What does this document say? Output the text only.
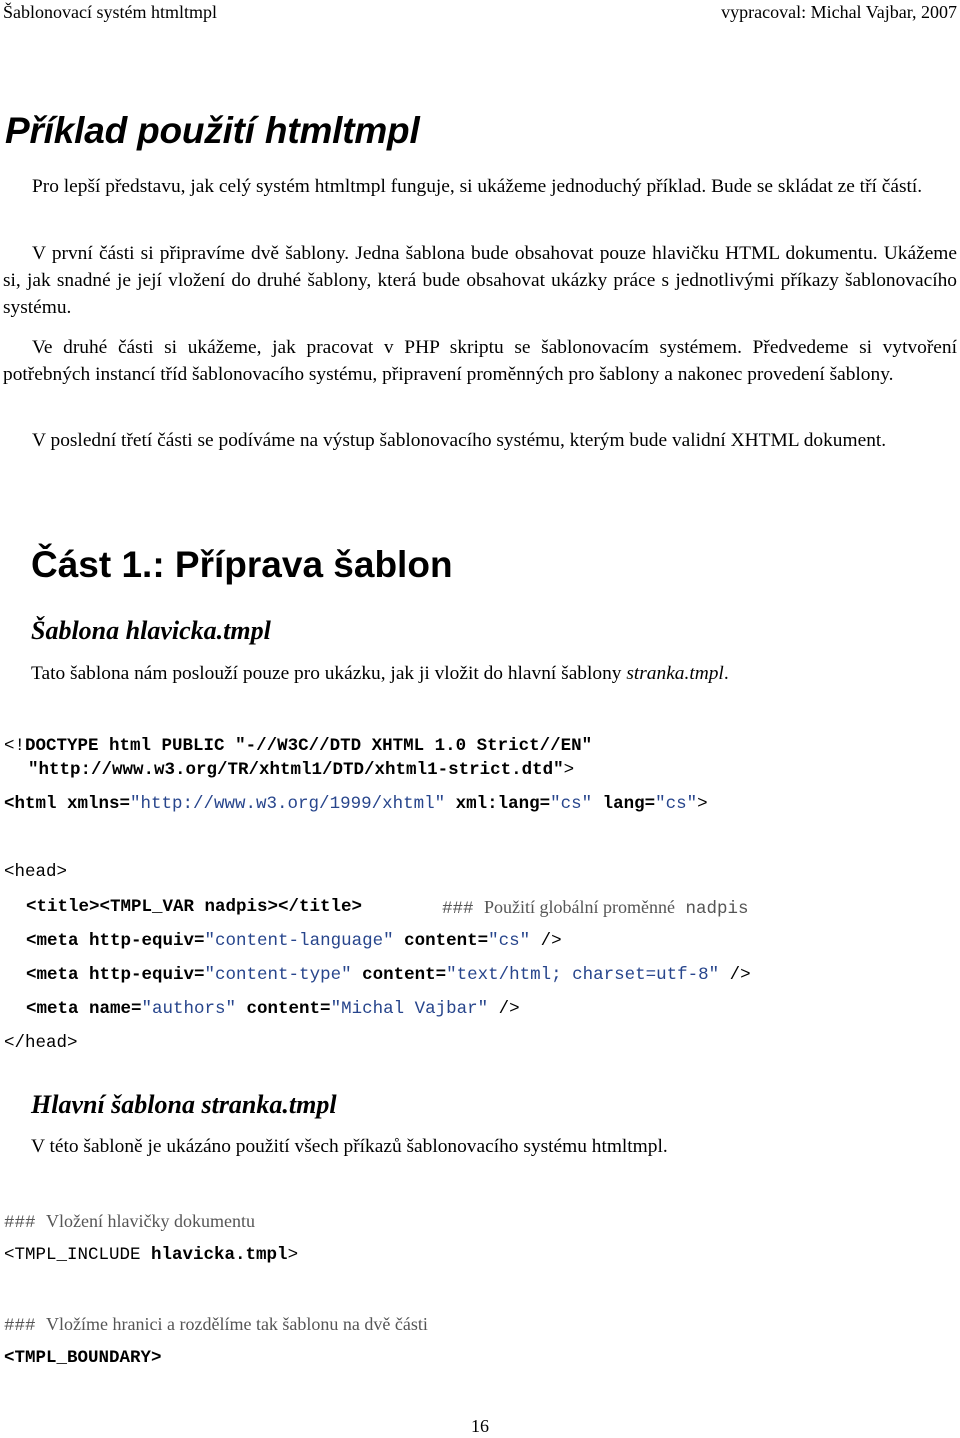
Šablonovací systém htmltmpl	vypracoval: Michal Vajbar, 2007
Příklad použití htmltmpl

Pro lepší představu, jak celý systém htmltmpl funguje, si ukážeme jednoduchý příklad. Bude se skládat ze tří částí.

V první části si připravíme dvě šablony. Jedna šablona bude obsahovat pouze hlavičku HTML dokumentu. Ukážeme si, jak snadné je její vložení do druhé šablony, která bude obsahovat ukázky práce s jednotlivými příkazy šablonovacího systému.

Ve druhé části si ukážeme, jak pracovat v PHP skriptu se šablonovacím systémem. Předvedeme si vytvoření potřebných instancí tříd šablonovacího systému, připravení proměnných pro šablony a nakonec provedení šablony.

V poslední třetí části se podíváme na výstup šablonovacího systému, kterým bude validní XHTML dokument.

Část 1.: Příprava šablon
Šablona hlavicka.tmpl

Tato šablona nám poslouží pouze pro ukázku, jak ji vložit do hlavní šablony stranka.tmpl.

<!DOCTYPE html PUBLIC "-//W3C//DTD XHTML 1.0 Strict//EN"
"http://www.w3.org/TR/xhtml1/DTD/xhtml1-strict.dtd">
<html xmlns="http://www.w3.org/1999/xhtml" xml:lang="cs" lang="cs">
<head>
<title><TMPL_VAR nadpis></title>	### Použití globální proměnné nadpis
<meta http-equiv="content-language" content="cs" />
<meta http-equiv="content-type" content="text/html; charset=utf-8" />
<meta name="authors" content="Michal Vajbar" />
</head>
Hlavní šablona stranka.tmpl

V této šabloně je ukázáno použití všech příkazů šablonovacího systému htmltmpl.

### Vložení hlavičky dokumentu
<TMPL_INCLUDE hlavicka.tmpl>
### Vložíme hranici a rozdělíme tak šablonu na dvě části
<TMPL_BOUNDARY>
16
